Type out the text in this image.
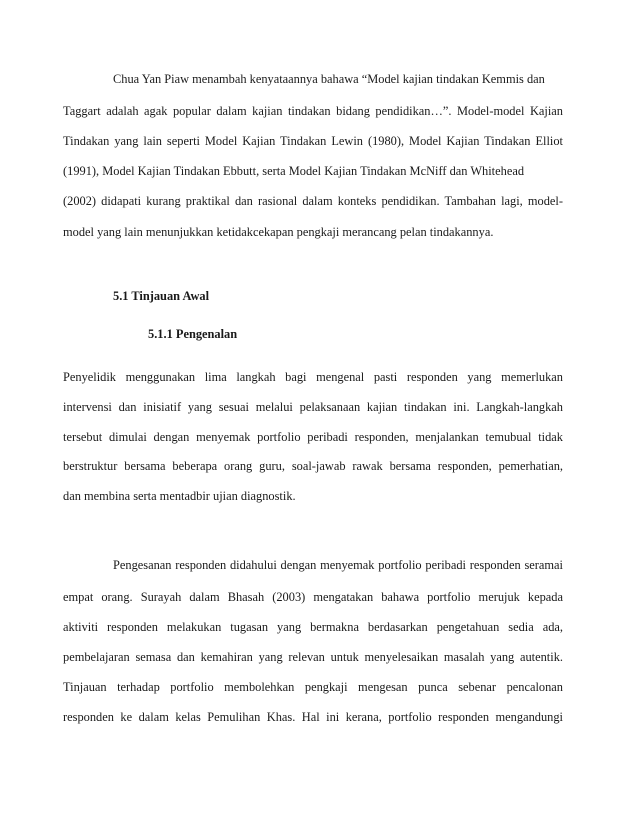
Chua Yan Piaw menambah kenyataannya bahawa “Model kajian tindakan Kemmis dan
Taggart adalah agak popular dalam kajian tindakan bidang pendidikan…”. Model-model Kajian
Tindakan yang lain seperti Model Kajian Tindakan Lewin (1980), Model Kajian Tindakan Elliot
(1991), Model Kajian Tindakan Ebbutt, serta Model Kajian Tindakan McNiff dan Whitehead
(2002) didapati kurang praktikal dan rasional dalam konteks pendidikan. Tambahan lagi, model-
model yang lain menunjukkan ketidakcekapan pengkaji merancang pelan tindakannya.
5.1 Tinjauan Awal
5.1.1 Pengenalan
Penyelidik menggunakan lima langkah bagi mengenal pasti responden yang memerlukan
intervensi dan inisiatif yang sesuai melalui pelaksanaan kajian tindakan ini. Langkah-langkah
tersebut dimulai dengan menyemak portfolio peribadi responden, menjalankan temubual tidak
berstruktur bersama beberapa orang guru, soal-jawab rawak bersama responden, pemerhatian,
dan membina serta mentadbir ujian diagnostik.
Pengesanan responden didahului dengan menyemak portfolio peribadi responden seramai
empat orang. Surayah dalam Bhasah (2003) mengatakan bahawa portfolio merujuk kepada
aktiviti responden melakukan tugasan yang bermakna berdasarkan pengetahuan sedia ada,
pembelajaran semasa dan kemahiran yang relevan untuk menyelesaikan masalah yang autentik.
Tinjauan terhadap portfolio membolehkan pengkaji mengesan punca sebenar pencalonan
responden ke dalam kelas Pemulihan Khas. Hal ini kerana, portfolio responden mengandungi
